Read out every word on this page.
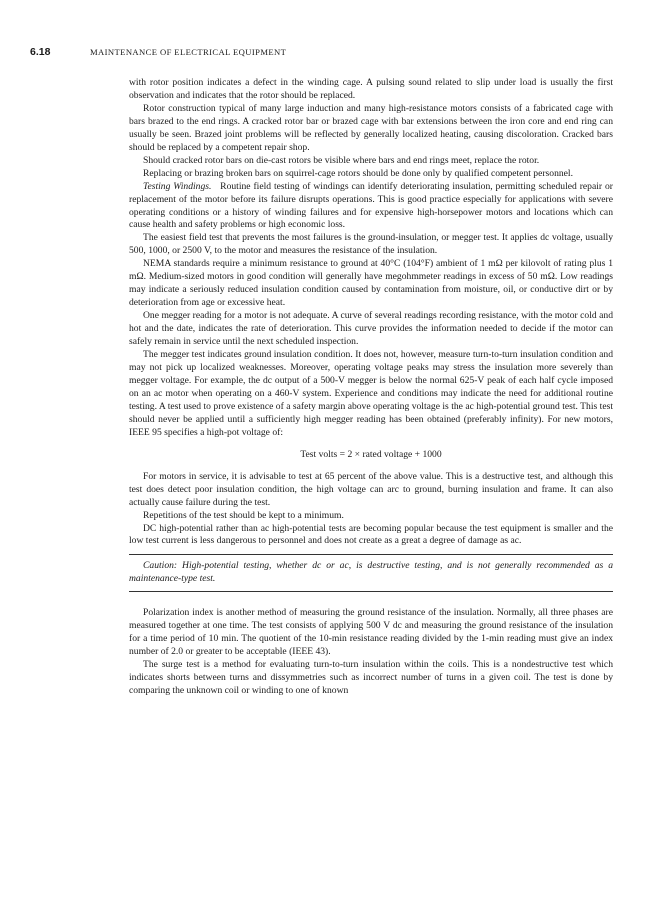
6.18	MAINTENANCE OF ELECTRICAL EQUIPMENT

with rotor position indicates a defect in the winding cage. A pulsing sound related to slip under load is usually the first observation and indicates that the rotor should be replaced.

Rotor construction typical of many large induction and many high-resistance motors consists of a fabricated cage with bars brazed to the end rings. A cracked rotor bar or brazed cage with bar extensions between the iron core and end ring can usually be seen. Brazed joint problems will be reflected by generally localized heating, causing discoloration. Cracked bars should be replaced by a competent repair shop.

Should cracked rotor bars on die-cast rotors be visible where bars and end rings meet, replace the rotor.

Replacing or brazing broken bars on squirrel-cage rotors should be done only by qualified competent personnel.

Testing Windings. Routine field testing of windings can identify deteriorating insulation, permitting scheduled repair or replacement of the motor before its failure disrupts operations. This is good practice especially for applications with severe operating conditions or a history of winding failures and for expensive high-horsepower motors and locations which can cause health and safety problems or high economic loss.

The easiest field test that prevents the most failures is the ground-insulation, or megger test. It applies dc voltage, usually 500, 1000, or 2500 V, to the motor and measures the resistance of the insulation.

NEMA standards require a minimum resistance to ground at 40°C (104°F) ambient of 1 mΩ per kilovolt of rating plus 1 mΩ. Medium-sized motors in good condition will generally have megohmmeter readings in excess of 50 mΩ. Low readings may indicate a seriously reduced insulation condition caused by contamination from moisture, oil, or conductive dirt or by deterioration from age or excessive heat.

One megger reading for a motor is not adequate. A curve of several readings recording resistance, with the motor cold and hot and the date, indicates the rate of deterioration. This curve provides the information needed to decide if the motor can safely remain in service until the next scheduled inspection.

The megger test indicates ground insulation condition. It does not, however, measure turn-to-turn insulation condition and may not pick up localized weaknesses. Moreover, operating voltage peaks may stress the insulation more severely than megger voltage. For example, the dc output of a 500-V megger is below the normal 625-V peak of each half cycle imposed on an ac motor when operating on a 460-V system. Experience and conditions may indicate the need for additional routine testing. A test used to prove existence of a safety margin above operating voltage is the ac high-potential ground test. This test should never be applied until a sufficiently high megger reading has been obtained (preferably infinity). For new motors, IEEE 95 specifies a high-pot voltage of:

Test volts = 2 × rated voltage + 1000

For motors in service, it is advisable to test at 65 percent of the above value. This is a destructive test, and although this test does detect poor insulation condition, the high voltage can arc to ground, burning insulation and frame. It can also actually cause failure during the test.

Repetitions of the test should be kept to a minimum.

DC high-potential rather than ac high-potential tests are becoming popular because the test equipment is smaller and the low test current is less dangerous to personnel and does not create as a great a degree of damage as ac.

Caution: High-potential testing, whether dc or ac, is destructive testing, and is not generally recommended as a maintenance-type test.

Polarization index is another method of measuring the ground resistance of the insulation. Normally, all three phases are measured together at one time. The test consists of applying 500 V dc and measuring the ground resistance of the insulation for a time period of 10 min. The quotient of the 10-min resistance reading divided by the 1-min reading must give an index number of 2.0 or greater to be acceptable (IEEE 43).

The surge test is a method for evaluating turn-to-turn insulation within the coils. This is a nondestructive test which indicates shorts between turns and dissymmetries such as incorrect number of turns in a given coil. The test is done by comparing the unknown coil or winding to one of known
